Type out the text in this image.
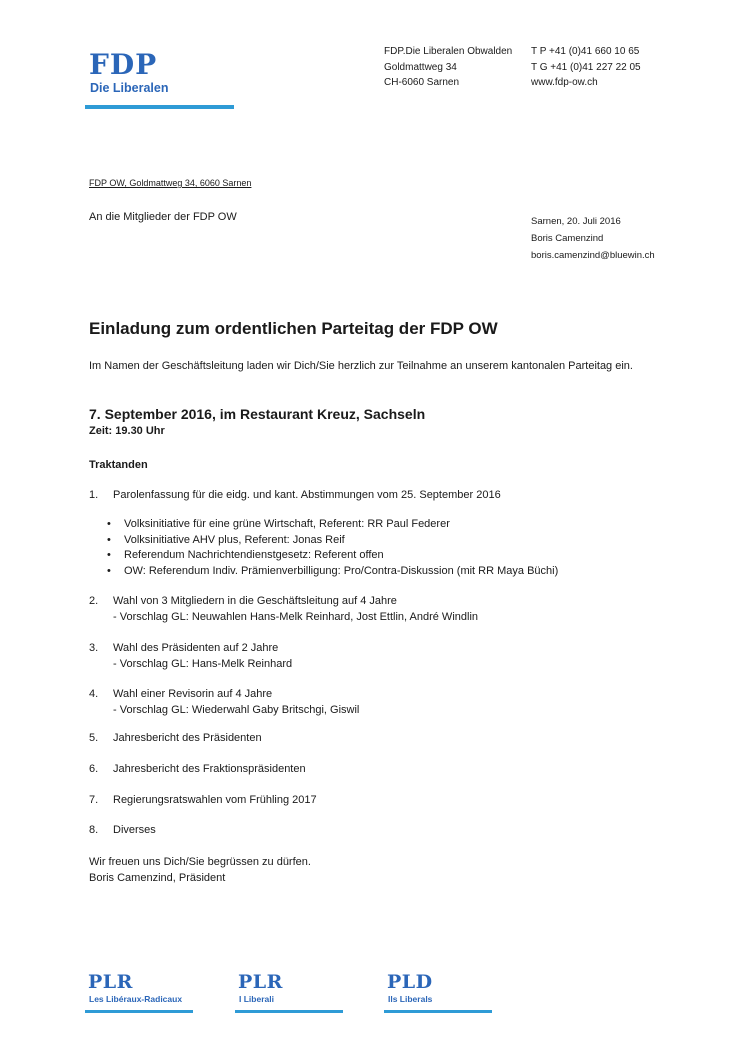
FDP
Die Liberalen
FDP.Die Liberalen Obwalden
Goldmattweg 34
CH-6060 Sarnen
T P +41 (0)41 660 10 65
T G +41 (0)41 227 22 05
www.fdp-ow.ch
FDP OW, Goldmattweg 34, 6060 Sarnen
An die Mitglieder der FDP OW	Sarnen, 20. Juli 2016
Boris Camenzind
boris.camenzind@bluewin.ch
Einladung zum ordentlichen Parteitag der FDP OW
Im Namen der Geschäftsleitung laden wir Dich/Sie herzlich zur Teilnahme an unserem kantonalen Parteitag ein.
7. September 2016, im Restaurant Kreuz, Sachseln
Zeit: 19.30 Uhr
Traktanden
1. Parolenfassung für die eidg. und kant. Abstimmungen vom 25. September 2016
• Volksinitiative für eine grüne Wirtschaft, Referent: RR Paul Federer
• Volksinitiative AHV plus, Referent: Jonas Reif
• Referendum Nachrichtendienstgesetz: Referent offen
• OW: Referendum Indiv. Prämienverbilligung: Pro/Contra-Diskussion (mit RR Maya Büchi)
2. Wahl von 3 Mitgliedern in die Geschäftsleitung auf 4 Jahre
- Vorschlag GL: Neuwahlen Hans-Melk Reinhard, Jost Ettlin, André Windlin
3. Wahl des Präsidenten auf 2 Jahre
- Vorschlag GL: Hans-Melk Reinhard
4. Wahl einer Revisorin auf 4 Jahre
- Vorschlag GL: Wiederwahl Gaby Britschgi, Giswil
5. Jahresbericht des Präsidenten
6. Jahresbericht des Fraktionspräsidenten
7. Regierungsratswahlen vom Frühling 2017
8. Diverses
Wir freuen uns Dich/Sie begrüssen zu dürfen.
Boris Camenzind, Präsident
PLR
Les Libéraux-Radicaux
PLR
I Liberali
PLD
Ils Liberals
